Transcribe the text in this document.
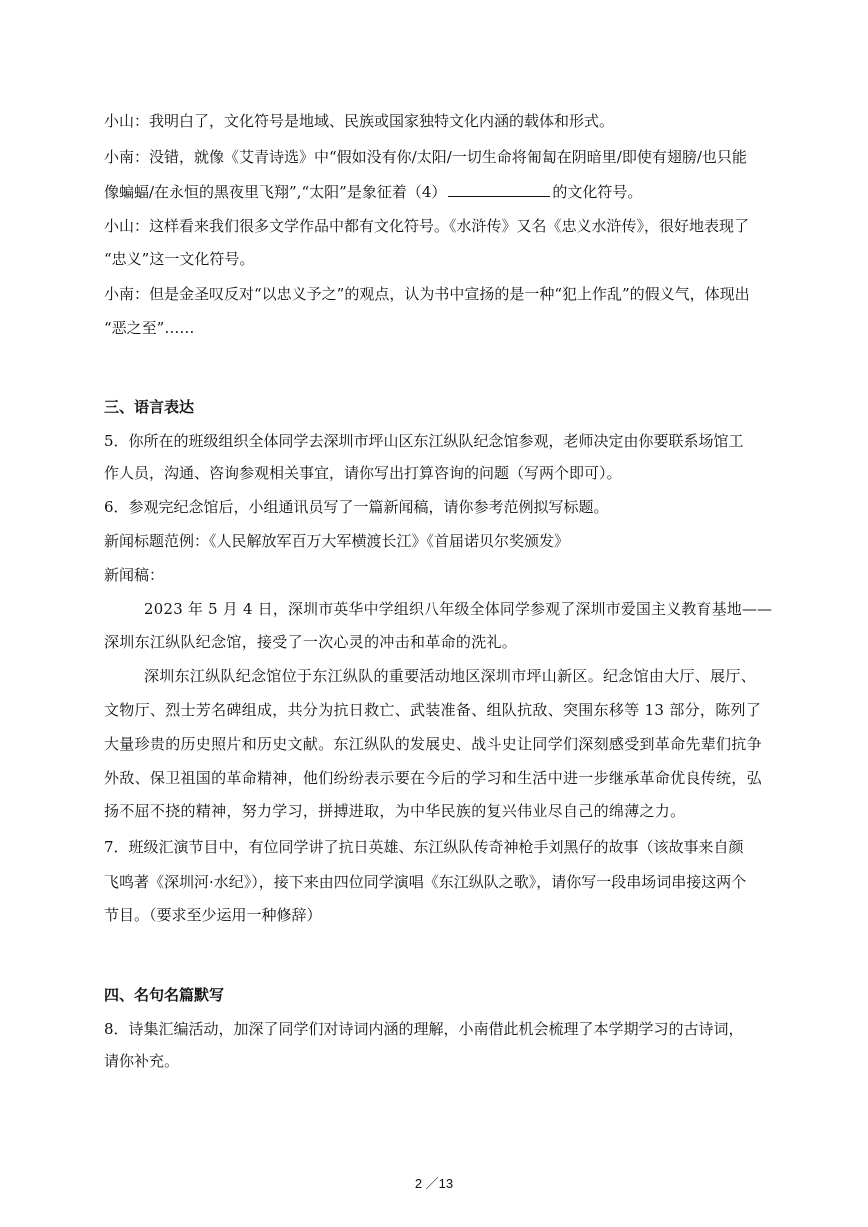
小山：我明白了，文化符号是地域、民族或国家独特文化内涵的载体和形式。
小南：没错，就像《艾青诗选》中“假如没有你/太阳/一切生命将匍匐在阴暗里/即使有翅膀/也只能
像蝙蝠/在永恒的黑夜里飞翔”,“太阳”是象征着（4）	的文化符号。
小山：这样看来我们很多文学作品中都有文化符号。《水浒传》又名《忠义水浒传》，很好地表现了
“忠义”这一文化符号。
小南：但是金圣叹反对“以忠义予之”的观点，认为书中宣扬的是一种“犯上作乱”的假义气，体现出
“恶之至”……
三、语言表达
5．你所在的班级组织全体同学去深圳市坪山区东江纵队纪念馆参观，老师决定由你要联系场馆工
作人员，沟通、咨询参观相关事宜，请你写出打算咨询的问题（写两个即可）。
6．参观完纪念馆后，小组通讯员写了一篇新闻稿，请你参考范例拟写标题。
新闻标题范例：《人民解放军百万大军横渡长江》《首届诺贝尔奖颁发》
新闻稿：
2023 年 5 月 4 日，深圳市英华中学组织八年级全体同学参观了深圳市爱国主义教育基地——
深圳东江纵队纪念馆，接受了一次心灵的冲击和革命的洗礼。
深圳东江纵队纪念馆位于东江纵队的重要活动地区深圳市坪山新区。纪念馆由大厅、展厅、
文物厅、烈士芳名碑组成，共分为抗日救亡、武装准备、组队抗敌、突围东移等 13 部分，陈列了
大量珍贵的历史照片和历史文献。东江纵队的发展史、战斗史让同学们深刻感受到革命先辈们抗争
外敌、保卫祖国的革命精神，他们纷纷表示要在今后的学习和生活中进一步继承革命优良传统，弘
扬不屈不挠的精神，努力学习，拼搏进取，为中华民族的复兴伟业尽自己的绵薄之力。
7．班级汇演节目中，有位同学讲了抗日英雄、东江纵队传奇神枪手刘黑仔的故事（该故事来自颜
飞鸣著《深圳河·水纪》），接下来由四位同学演唱《东江纵队之歌》，请你写一段串场词串接这两个
节目。（要求至少运用一种修辞）
四、名句名篇默写
8．诗集汇编活动，加深了同学们对诗词内涵的理解，小南借此机会梳理了本学期学习的古诗词，
请你补充。
2 ／13
